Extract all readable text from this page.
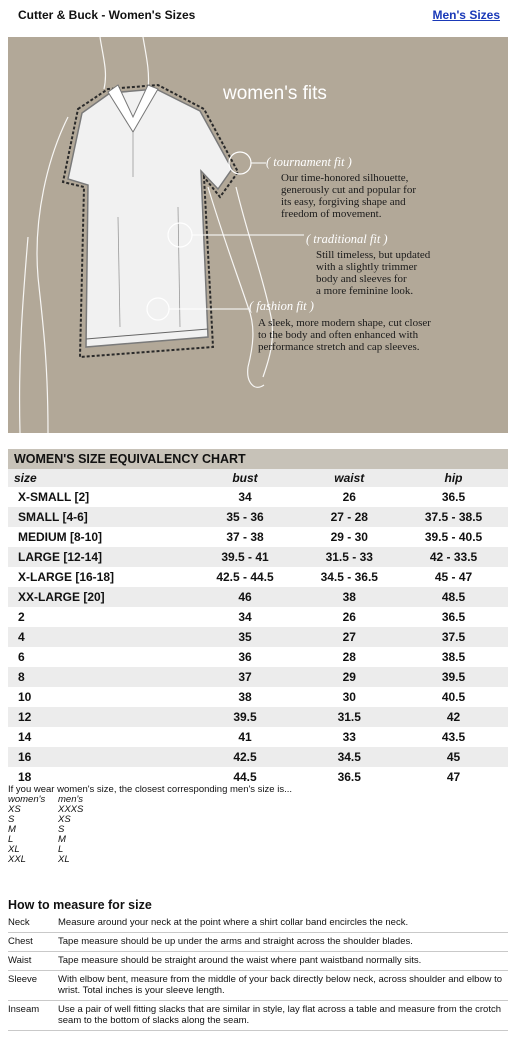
Cutter & Buck - Women's Sizes	Men's Sizes
women's fits
( tournament fit )
Our time-honored silhouette,
generously cut and popular for
its easy, forgiving shape and
freedom of movement.
( traditional fit )
Still timeless, but updated
with a slightly trimmer
body and sleeves for
a more feminine look.
( fashion fit )
A sleek, more modern shape, cut closer
to the body and often enhanced with
performance stretch and cap sleeves.
WOMEN'S SIZE EQUIVALENCY CHART
size	bust	waist	hip
X-SMALL [2]	34	26	36.5
SMALL [4-6]	35 - 36	27 - 28	37.5 - 38.5
MEDIUM [8-10]	37 - 38	29 - 30	39.5 - 40.5
LARGE [12-14]	39.5 - 41	31.5 - 33	42 - 33.5
X-LARGE [16-18]	42.5 - 44.5	34.5 - 36.5	45 - 47
XX-LARGE [20]	46	38	48.5
2	34	26	36.5
4	35	27	37.5
6	36	28	38.5
8	37	29	39.5
10	38	30	40.5
12	39.5	31.5	42
14	41	33	43.5
16	42.5	34.5	45
18	44.5	36.5	47
If you wear women's size, the closest corresponding men's size is...
women's	men's
XS	XXXS
S	XS
M	S
L	M
XL	L
XXL	XL
How to measure for size
Neck	Measure around your neck at the point where a shirt collar band encircles the neck.
Chest	Tape measure should be up under the arms and straight across the shoulder blades.
Waist	Tape measure should be straight around the waist where pant waistband normally sits.
Sleeve	With elbow bent, measure from the middle of your back directly below neck, across shoulder and elbow to wrist. Total inches is your sleeve length.
Inseam	Use a pair of well fitting slacks that are similar in style, lay flat across a table and measure from the crotch seam to the bottom of slacks along the seam.
